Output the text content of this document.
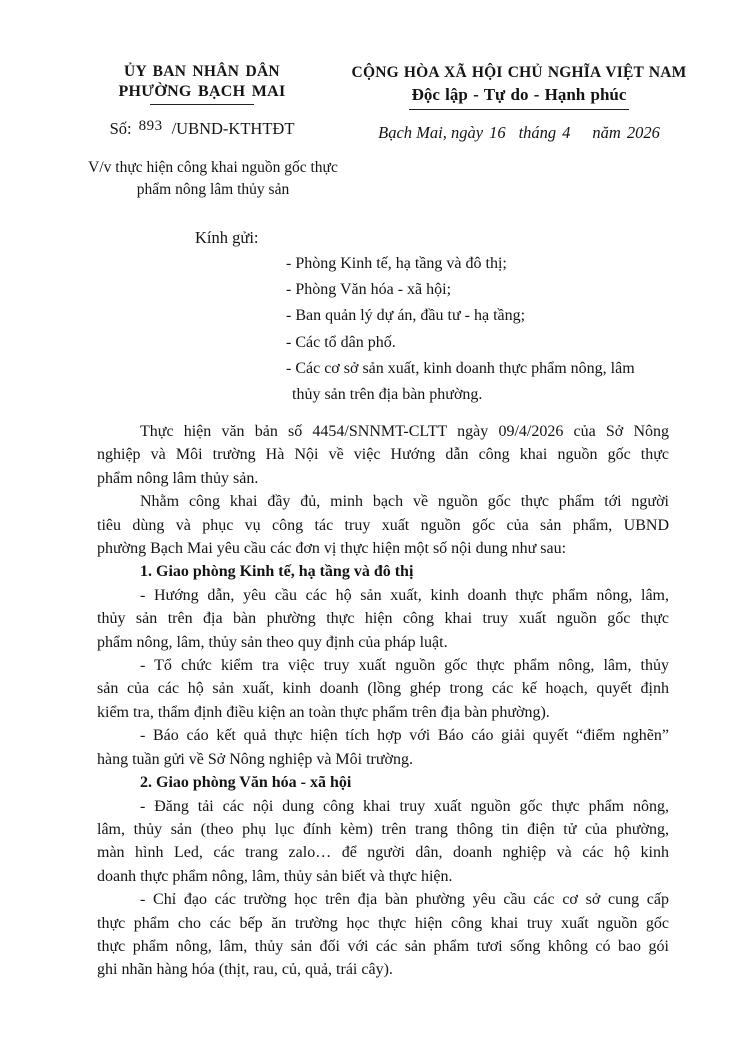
ỦY BAN NHÂN DÂN
PHƯỜNG BẠCH MAI
Số: 893 /UBND-KTHTĐT
V/v thực hiện công khai nguồn gốc thực
phẩm nông lâm thủy sản
CỘNG HÒA XÃ HỘI CHỦ NGHĨA VIỆT NAM
Độc lập - Tự do - Hạnh phúc
Bạch Mai, ngày 16 tháng 4 năm 2026
Kính gửi:
- Phòng Kinh tế, hạ tầng và đô thị;
- Phòng Văn hóa - xã hội;
- Ban quản lý dự án, đầu tư - hạ tầng;
- Các tổ dân phố.
- Các cơ sở sản xuất, kinh doanh thực phẩm nông, lâm
thủy sản trên địa bàn phường.
Thực hiện văn bản số 4454/SNNMT-CLTT ngày 09/4/2026 của Sở Nông
nghiệp và Môi trường Hà Nội về việc Hướng dẫn công khai nguồn gốc thực
phẩm nông lâm thủy sản.
Nhằm công khai đầy đủ, minh bạch về nguồn gốc thực phẩm tới người
tiêu dùng và phục vụ công tác truy xuất nguồn gốc của sản phẩm, UBND
phường Bạch Mai yêu cầu các đơn vị thực hiện một số nội dung như sau:
1. Giao phòng Kinh tế, hạ tầng và đô thị
- Hướng dẫn, yêu cầu các hộ sản xuất, kinh doanh thực phẩm nông, lâm,
thủy sản trên địa bàn phường thực hiện công khai truy xuất nguồn gốc thực
phẩm nông, lâm, thủy sản theo quy định của pháp luật.
- Tổ chức kiểm tra việc truy xuất nguồn gốc thực phẩm nông, lâm, thủy
sản của các hộ sản xuất, kinh doanh (lồng ghép trong các kế hoạch, quyết định
kiểm tra, thẩm định điều kiện an toàn thực phẩm trên địa bàn phường).
- Báo cáo kết quả thực hiện tích hợp với Báo cáo giải quyết “điểm nghẽn”
hàng tuần gửi về Sở Nông nghiệp và Môi trường.
2. Giao phòng Văn hóa - xã hội
- Đăng tải các nội dung công khai truy xuất nguồn gốc thực phẩm nông,
lâm, thủy sản (theo phụ lục đính kèm) trên trang thông tin điện tử của phường,
màn hình Led, các trang zalo… để người dân, doanh nghiệp và các hộ kinh
doanh thực phẩm nông, lâm, thủy sản biết và thực hiện.
- Chỉ đạo các trường học trên địa bàn phường yêu cầu các cơ sở cung cấp
thực phẩm cho các bếp ăn trường học thực hiện công khai truy xuất nguồn gốc
thực phẩm nông, lâm, thủy sản đối với các sản phẩm tươi sống không có bao gói
ghi nhãn hàng hóa (thịt, rau, củ, quả, trái cây).
